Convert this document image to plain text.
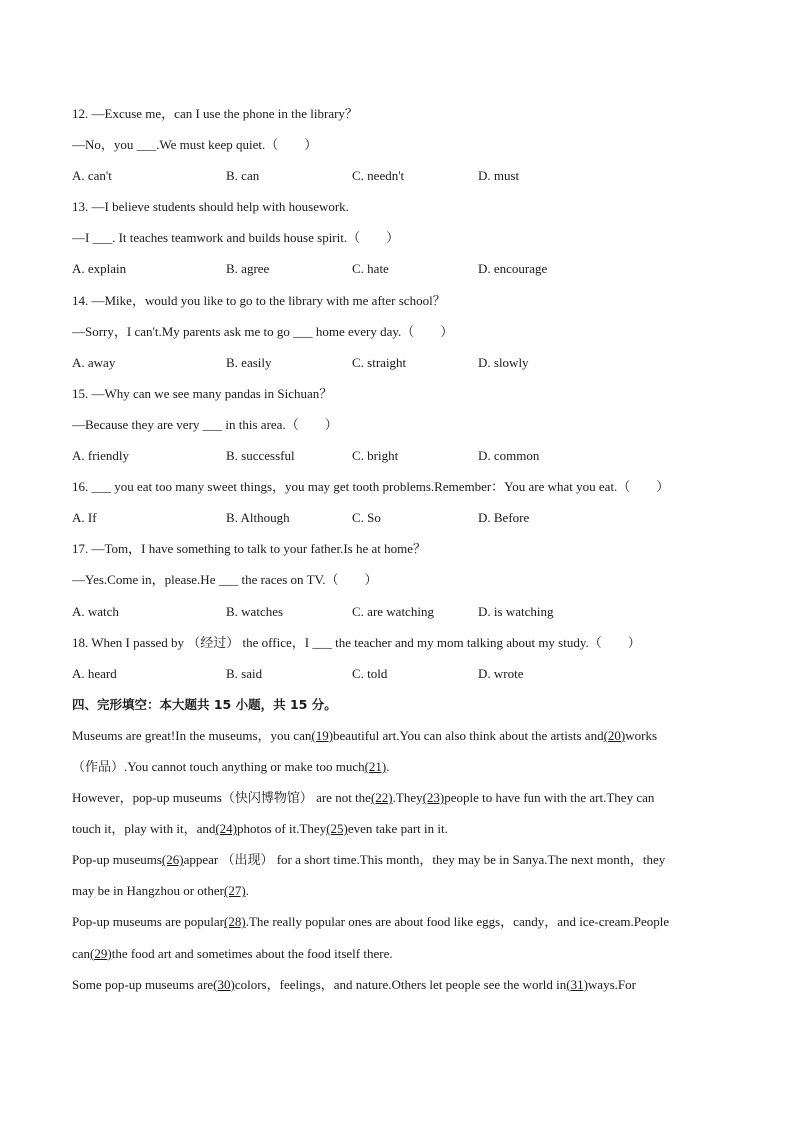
12. —Excuse me，can I use the phone in the library？
—No，you ___.We must keep quiet.（　　）
A. can't	B. can	C. needn't	D. must
13. —I believe students should help with housework.
—I ___. It teaches teamwork and builds house spirit.（　　）
A. explain	B. agree	C. hate	D. encourage
14. —Mike，would you like to go to the library with me after school？
—Sorry，I can't.My parents ask me to go ___ home every day.（　　）
A. away	B. easily	C. straight	D. slowly
15. —Why can we see many pandas in Sichuan？
—Because they are very ___ in this area.（　　）
A. friendly	B. successful	C. bright	D. common
16. ___ you eat too many sweet things，you may get tooth problems.Remember：You are what you eat.（　　）
A. If	B. Although	C. So	D. Before
17. —Tom，I have something to talk to your father.Is he at home？
—Yes.Come in，please.He ___ the races on TV.（　　）
A. watch	B. watches	C. are watching	D. is watching
18. When I passed by （经过） the office，I ___ the teacher and my mom talking about my study.（　　）
A. heard	B. said	C. told	D. wrote
四、完形填空：本大题共 15 小题，共 15 分。
Museums are great!In the museums，you can(19)beautiful art.You can also think about the artists and(20)works
（作品）.You cannot touch anything or make too much(21).
However，pop-up museums（快闪博物馆） are not the(22).They(23)people to have fun with the art.They can
touch it，play with it，and(24)photos of it.They(25)even take part in it.
Pop-up museums(26)appear （出现） for a short time.This month，they may be in Sanya.The next month，they
may be in Hangzhou or other(27).
Pop-up museums are popular(28).The really popular ones are about food like eggs，candy，and ice-cream.People
can(29)the food art and sometimes about the food itself there.
Some pop-up museums are(30)colors，feelings，and nature.Others let people see the world in(31)ways.For
